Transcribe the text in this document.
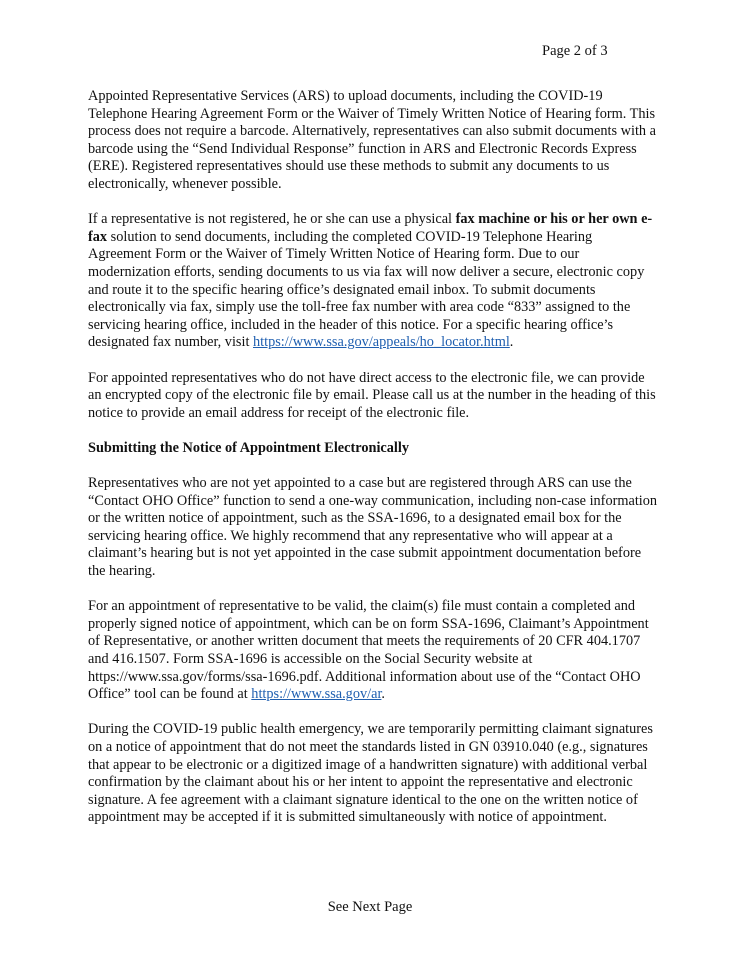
Page 2 of 3

Appointed Representative Services (ARS) to upload documents, including the COVID-19 Telephone Hearing Agreement Form or the Waiver of Timely Written Notice of Hearing form. This process does not require a barcode. Alternatively, representatives can also submit documents with a barcode using the “Send Individual Response” function in ARS and Electronic Records Express (ERE). Registered representatives should use these methods to submit any documents to us electronically, whenever possible.

If a representative is not registered, he or she can use a physical fax machine or his or her own e-fax solution to send documents, including the completed COVID-19 Telephone Hearing Agreement Form or the Waiver of Timely Written Notice of Hearing form. Due to our modernization efforts, sending documents to us via fax will now deliver a secure, electronic copy and route it to the specific hearing office’s designated email inbox. To submit documents electronically via fax, simply use the toll-free fax number with area code “833” assigned to the servicing hearing office, included in the header of this notice. For a specific hearing office’s designated fax number, visit https://www.ssa.gov/appeals/ho_locator.html.

For appointed representatives who do not have direct access to the electronic file, we can provide an encrypted copy of the electronic file by email. Please call us at the number in the heading of this notice to provide an email address for receipt of the electronic file.

Submitting the Notice of Appointment Electronically

Representatives who are not yet appointed to a case but are registered through ARS can use the “Contact OHO Office” function to send a one-way communication, including non-case information or the written notice of appointment, such as the SSA-1696, to a designated email box for the servicing hearing office. We highly recommend that any representative who will appear at a claimant’s hearing but is not yet appointed in the case submit appointment documentation before the hearing.

For an appointment of representative to be valid, the claim(s) file must contain a completed and properly signed notice of appointment, which can be on form SSA-1696, Claimant’s Appointment of Representative, or another written document that meets the requirements of 20 CFR 404.1707 and 416.1507. Form SSA-1696 is accessible on the Social Security website at https://www.ssa.gov/forms/ssa-1696.pdf. Additional information about use of the “Contact OHO Office” tool can be found at https://www.ssa.gov/ar.

During the COVID-19 public health emergency, we are temporarily permitting claimant signatures on a notice of appointment that do not meet the standards listed in GN 03910.040 (e.g., signatures that appear to be electronic or a digitized image of a handwritten signature) with additional verbal confirmation by the claimant about his or her intent to appoint the representative and electronic signature. A fee agreement with a claimant signature identical to the one on the written notice of appointment may be accepted if it is submitted simultaneously with notice of appointment.

See Next Page
